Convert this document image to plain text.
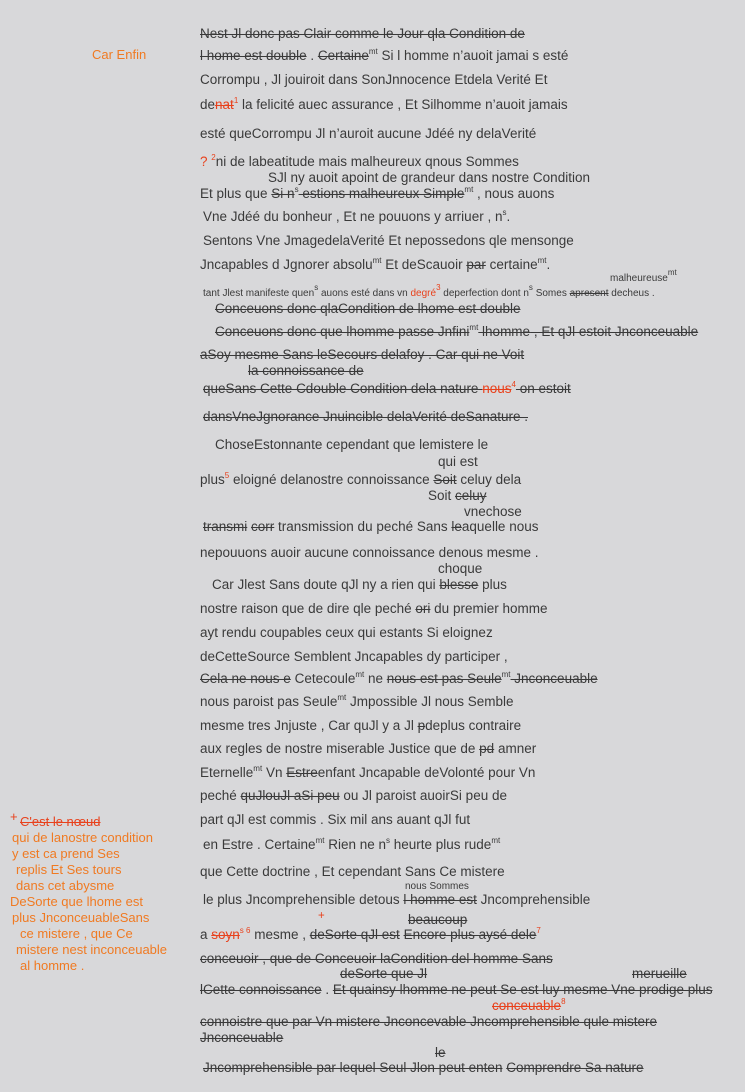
Car Enfin
+ C'est le nœud
qui de lanostre condition
y est ca prend Ses
replis Et Ses tours
dans cet abysme
DeSorte que lhome est
plus JnconceuableSans
ce mistere , que Ce
mistere nest inconceuable
al homme .
Nest Jl donc pas Clair comme le Jour qla Condition de
l home est double . Certaine$^{mt}$ Si l homme n’auoit jamai s esté
Corrompu , Jl jouiroit dans SonJnnocence Etdela Verité Et
denat$^1$ la felicité auec assurance , Et Silhomme n’auoit jamais
esté queCorrompu Jl n’auroit aucune Jdéé ny delaVerité
? $^2$ni de labeatitude mais malheureux qnous Sommes
SJl ny auoit apoint de grandeur dans nostre Condition
Et plus que Si $n^s$ estions malheureux Simple$^{mt}$ , nous auons
Vne Jdéé du bonheur , Et ne pouuons y arriuer , $n^s$.
Sentons Vne JmagedelaVerité Et nepossedons qle mensonge
Jncapables d Jgnorer absolu$^{mt}$ Et deScauoir par certaine$^{mt}$.
malheureuse$^{mt}$
tant Jlest manifeste quen$^s$ auons esté dans vn degré$^3$ deperfection dont $n^s$ Somes apresent decheus .
Conceuons donc qlaCondition de lhome est double
Conceuons donc que lhomme passe Jnfini$^{mt}$ lhomme , Et qJl estoit Jnconceuable
aSoy mesme Sans leSecours delafoy . Car qui ne Voit
la connoissance de
queSans Cette Cdouble Condition dela nature nous$^4$ on estoit
dansVneJgnorance Jnuincible delaVerité deSanature .
ChoseEstonnante cependant que lemistere le
qui est
plus$^5$ eloigné delanostre connoissance Soit celuy dela
Soit celuy
vnechose
transmi corr transmission du peché Sans leaquelle nous
nepouuons auoir aucune connoissance denous mesme .
choque
Car Jlest Sans doute qJl ny a rien qui blesse plus
nostre raison que de dire qle peché ori du premier homme
ayt rendu coupables ceux qui estants Si eloignez
deCetteSource Semblent Jncapables dy participer ,
Cela ne nous e Cetecoule$^{mt}$ ne nous est pas Seule$^{mt}$ Jnconceuable
nous paroist pas Seule$^{mt}$ Jmpossible Jl nous Semble
mesme tres Jnjuste , Car quJl y a Jl pdeplus contraire
aux regles de nostre miserable Justice que de pd amner
Eternelle$^{mt}$ Vn Estreenfant Jncapable deVolonté pour Vn
peché quJlouJl aSi peu ou Jl paroist auoirSi peu de
part qJl est commis . Six mil ans auant qJl fut
en Estre . Certaine$^{mt}$ Rien ne $n^s$ heurte plus rude$^{mt}$
que Cette doctrine , Et cependant Sans Ce mistere
nous Sommes
le plus Jncomprehensible detous l homme est Jncomprehensible
+	beaucoup
a soyn$^{s 6}$ mesme , deSorte qJl est Encore plus aysé dele$^7$
conceuoir , que de Conceuoir laCondition del homme Sans
deSorte que Jl	merueille
lCette connoissance . Et quainsy lhomme ne peut Se est luy mesme Vne prodige plus
conceuable$^8$
connoistre que par Vn mistere Jnconcevable Jncomprehensible qule mistere
Jnconceuable
le
Jncomprehensible par lequel Seul Jlon peut enten Comprendre Sa nature
